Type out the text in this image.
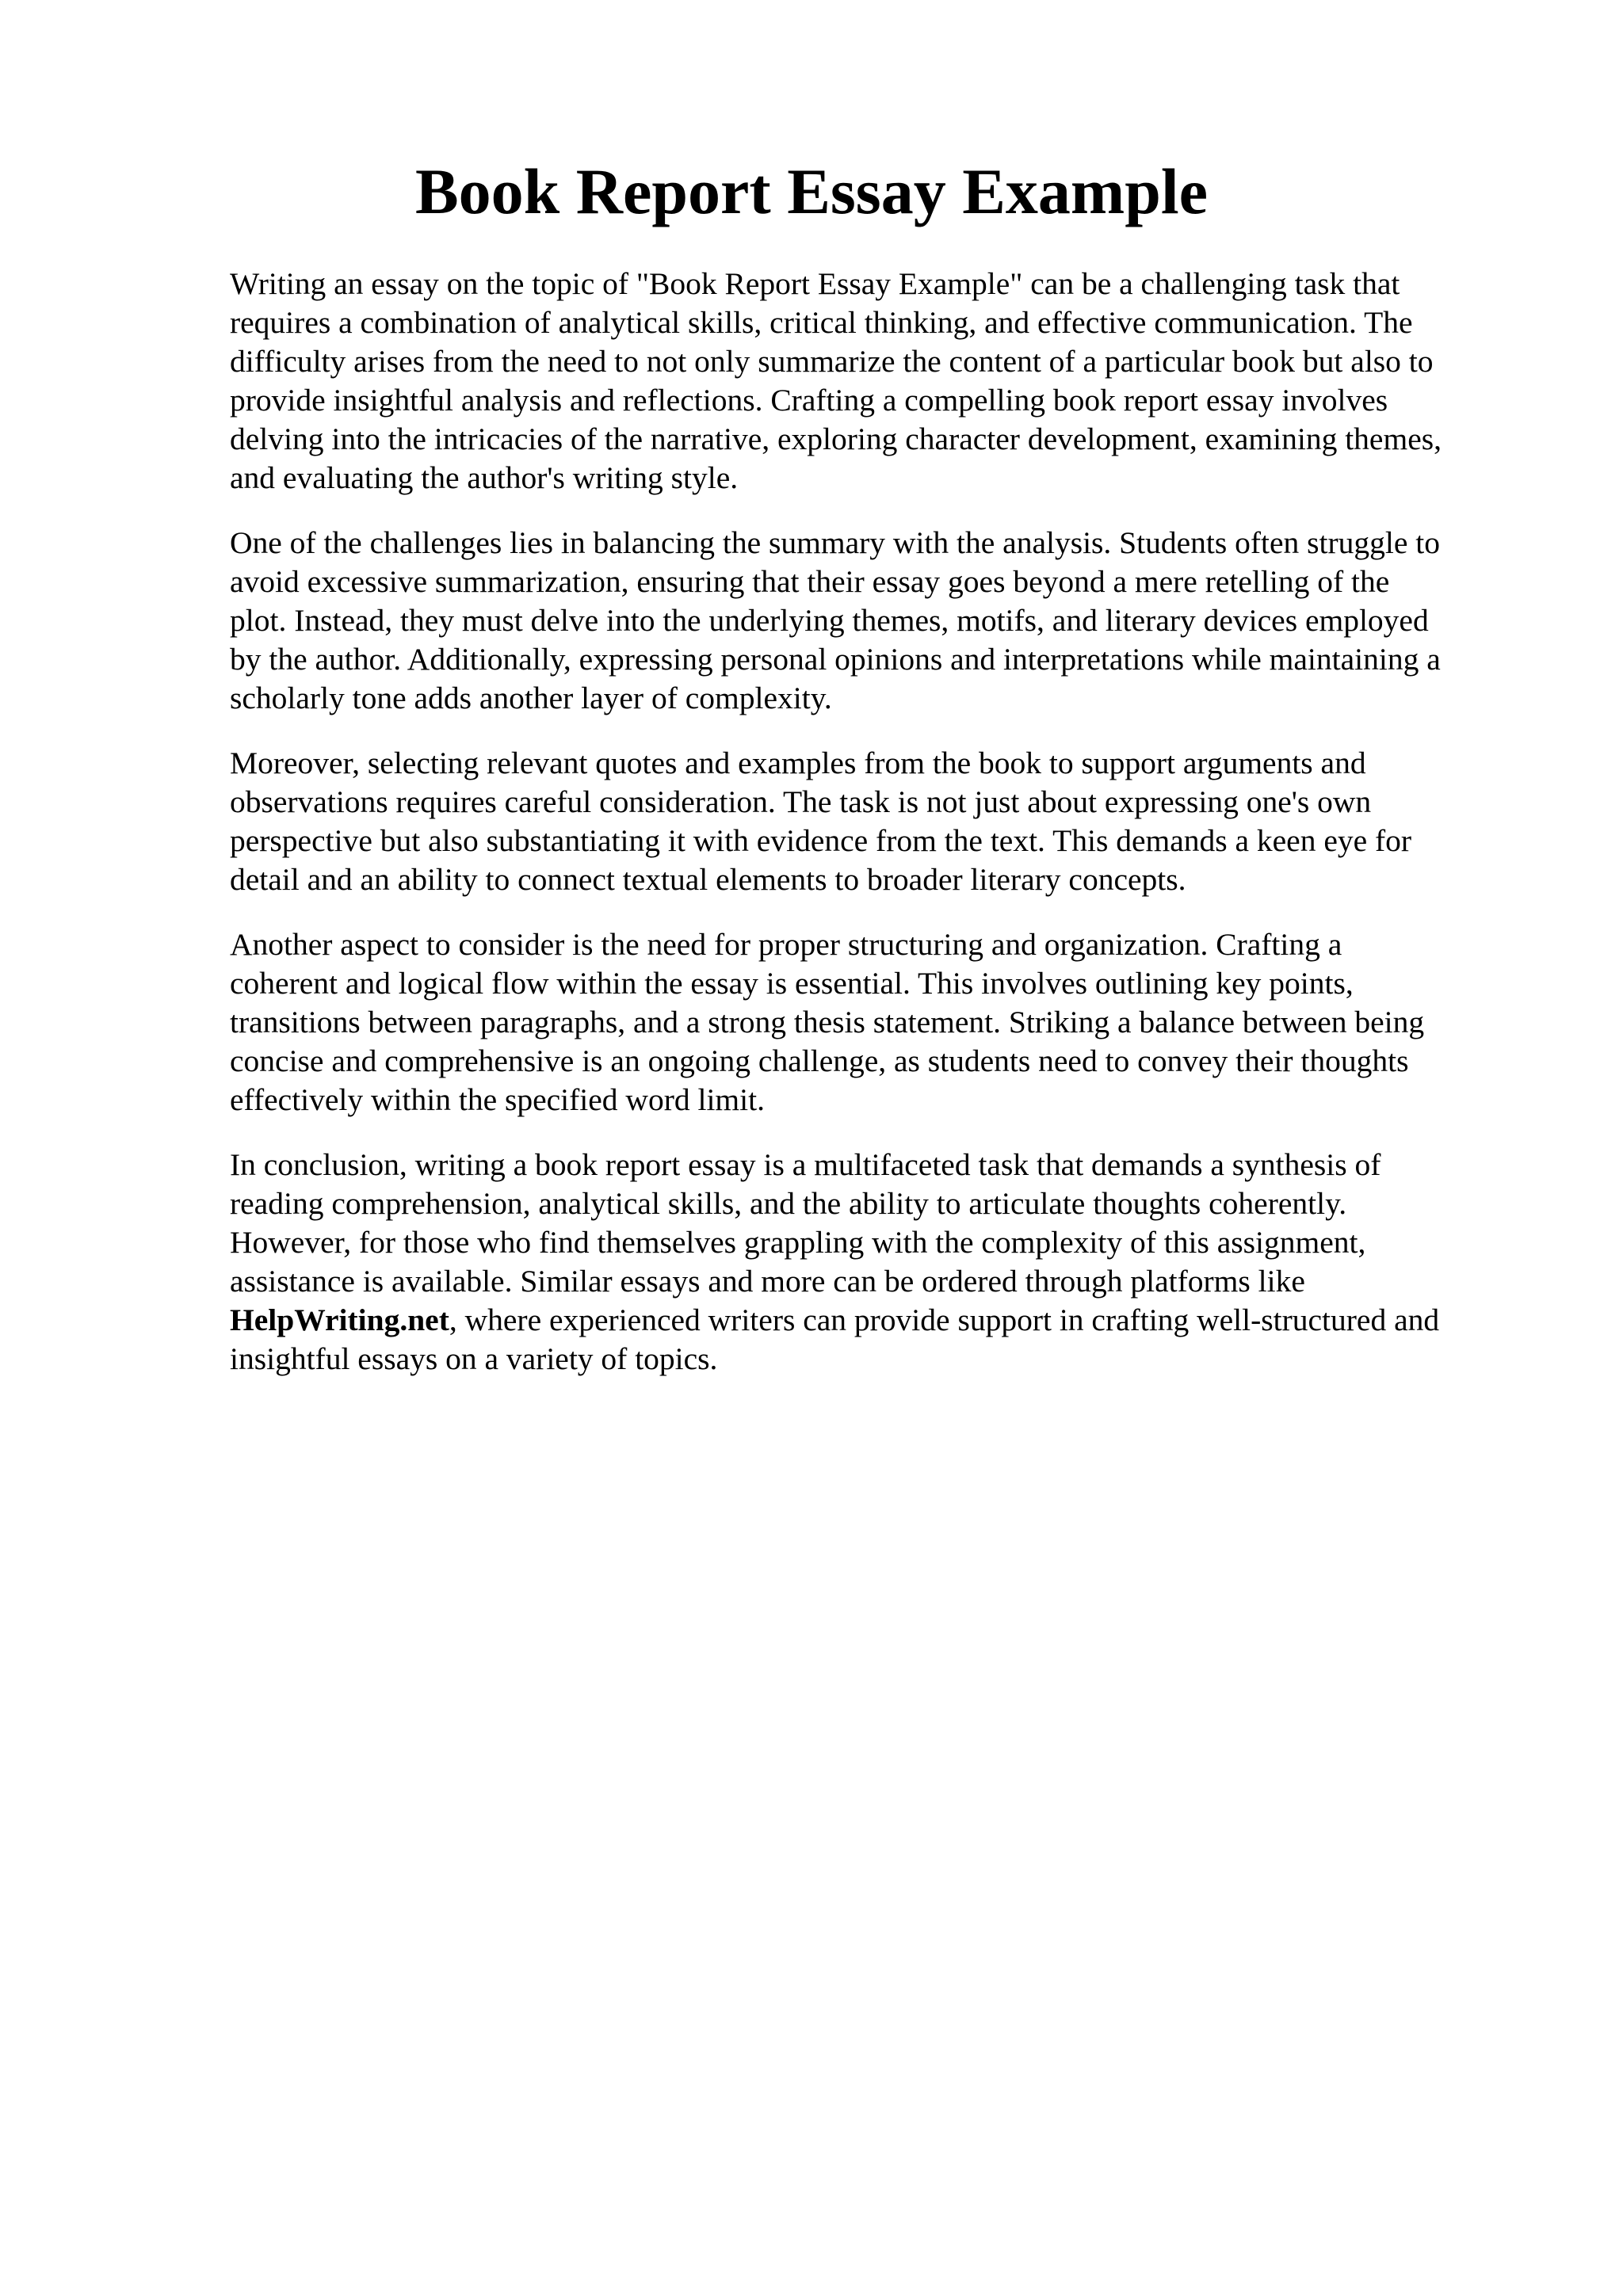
Book Report Essay Example

Writing an essay on the topic of "Book Report Essay Example" can be a challenging task that
requires a combination of analytical skills, critical thinking, and effective communication. The
difficulty arises from the need to not only summarize the content of a particular book but also to
provide insightful analysis and reflections. Crafting a compelling book report essay involves
delving into the intricacies of the narrative, exploring character development, examining themes,
and evaluating the author's writing style.

One of the challenges lies in balancing the summary with the analysis. Students often struggle to
avoid excessive summarization, ensuring that their essay goes beyond a mere retelling of the
plot. Instead, they must delve into the underlying themes, motifs, and literary devices employed
by the author. Additionally, expressing personal opinions and interpretations while maintaining a
scholarly tone adds another layer of complexity.

Moreover, selecting relevant quotes and examples from the book to support arguments and
observations requires careful consideration. The task is not just about expressing one's own
perspective but also substantiating it with evidence from the text. This demands a keen eye for
detail and an ability to connect textual elements to broader literary concepts.

Another aspect to consider is the need for proper structuring and organization. Crafting a
coherent and logical flow within the essay is essential. This involves outlining key points,
transitions between paragraphs, and a strong thesis statement. Striking a balance between being
concise and comprehensive is an ongoing challenge, as students need to convey their thoughts
effectively within the specified word limit.

In conclusion, writing a book report essay is a multifaceted task that demands a synthesis of
reading comprehension, analytical skills, and the ability to articulate thoughts coherently.
However, for those who find themselves grappling with the complexity of this assignment,
assistance is available. Similar essays and more can be ordered through platforms like
HelpWriting.net, where experienced writers can provide support in crafting well-structured and
insightful essays on a variety of topics.
